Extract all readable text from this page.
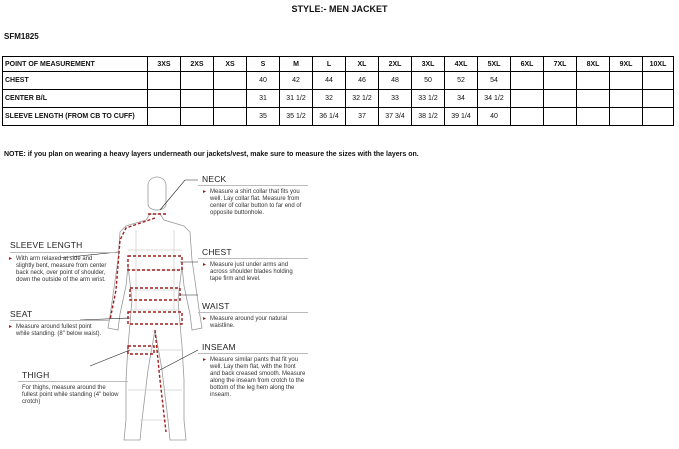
STYLE:- MEN JACKET
SFM1825
POINT OF MEASUREMENT	3XS	2XS	XS	S	M	L	XL	2XL	3XL	4XL	5XL	6XL	7XL	8XL	9XL	10XL
CHEST				40	42	44	46	48	50	52	54					
CENTER B/L				31	31 1/2	32	32 1/2	33	33 1/2	34	34 1/2					
SLEEVE LENGTH (FROM CB TO CUFF)				35	35 1/2	36 1/4	37	37 3/4	38 1/2	39 1/4	40					
NOTE: if you plan on wearing a heavy layers underneath our jackets/vest, make sure to measure the sizes with the layers on.
NECK
▸ Measure a shirt collar that fits you well. Lay collar flat. Measure from center of collar button to far end of opposite buttonhole.
CHEST
▸ Measure just under arms and across shoulder blades holding tape firm and level.
WAIST
▸ Measure around your natural waistline.
INSEAM
▸ Measure similar pants that fit you well. Lay them flat, with the front and back creased smooth. Measure along the inseam from crotch to the bottom of the leg hem along the inseam.
SLEEVE LENGTH
▸ With arm relaxed at side and slightly bent, measure from center back neck, over point of shoulder, down the outside of the arm wrist.
SEAT
▸ Measure around fullest point while standing. (8" below waist).
THIGH
For thighs, measure around the fullest point while standing (4" below crotch)
